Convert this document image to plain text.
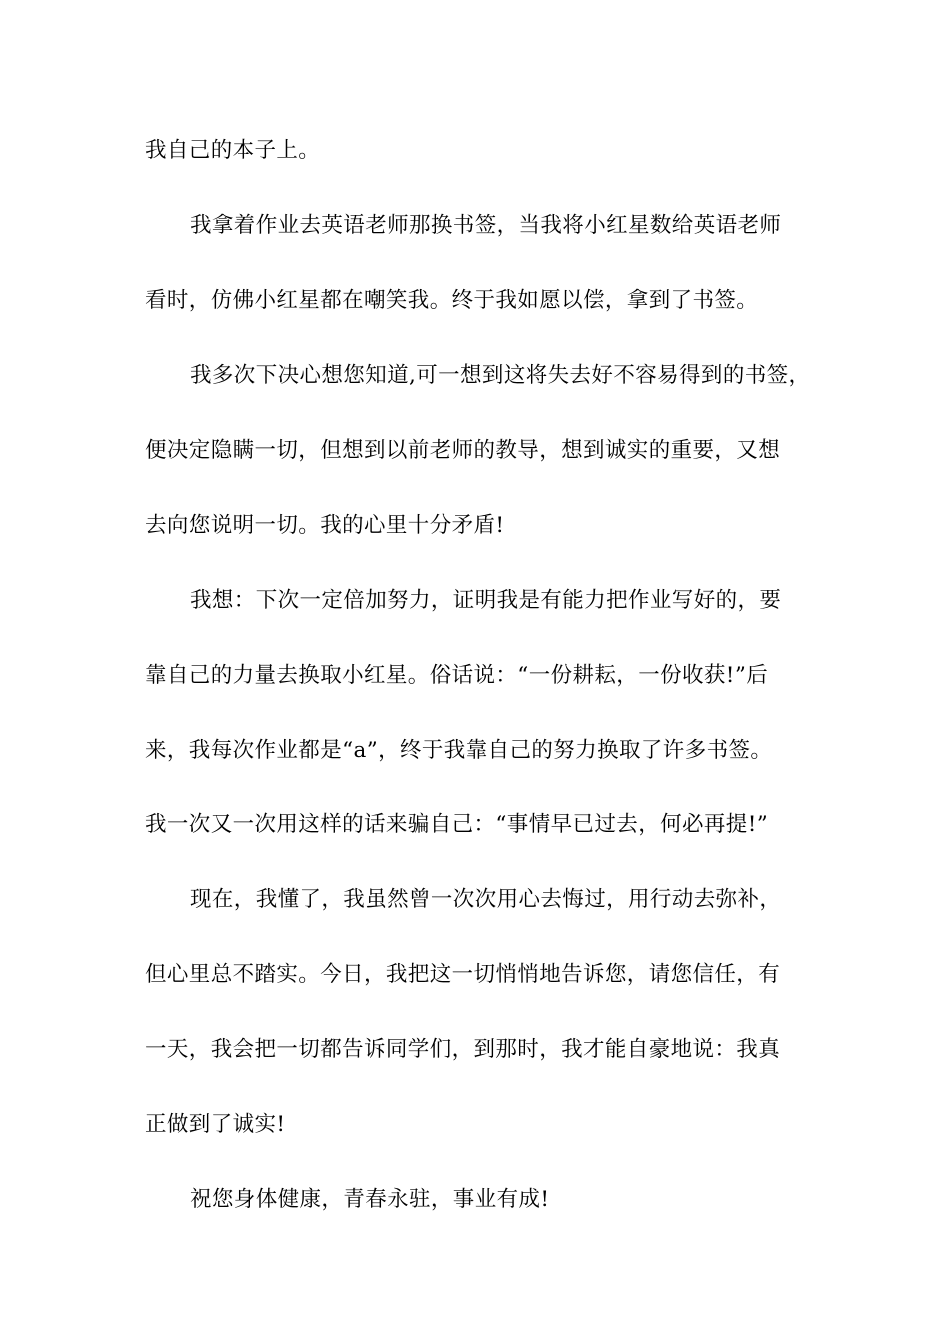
我自己的本子上。
我拿着作业去英语老师那换书签，当我将小红星数给英语老师
看时，仿佛小红星都在嘲笑我。终于我如愿以偿，拿到了书签。
我多次下决心想您知道,可一想到这将失去好不容易得到的书签，
便决定隐瞒一切，但想到以前老师的教导，想到诚实的重要，又想
去向您说明一切。我的心里十分矛盾!
我想：下次一定倍加努力，证明我是有能力把作业写好的，要
靠自己的力量去换取小红星。俗话说：“一份耕耘，一份收获!”后
来，我每次作业都是“a”，终于我靠自己的努力换取了许多书签。
我一次又一次用这样的话来骗自己：“事情早已过去，何必再提!”
现在，我懂了，我虽然曾一次次用心去悔过，用行动去弥补，
但心里总不踏实。今日，我把这一切悄悄地告诉您，请您信任，有
一天，我会把一切都告诉同学们，到那时，我才能自豪地说：我真
正做到了诚实!
祝您身体健康，青春永驻，事业有成!
